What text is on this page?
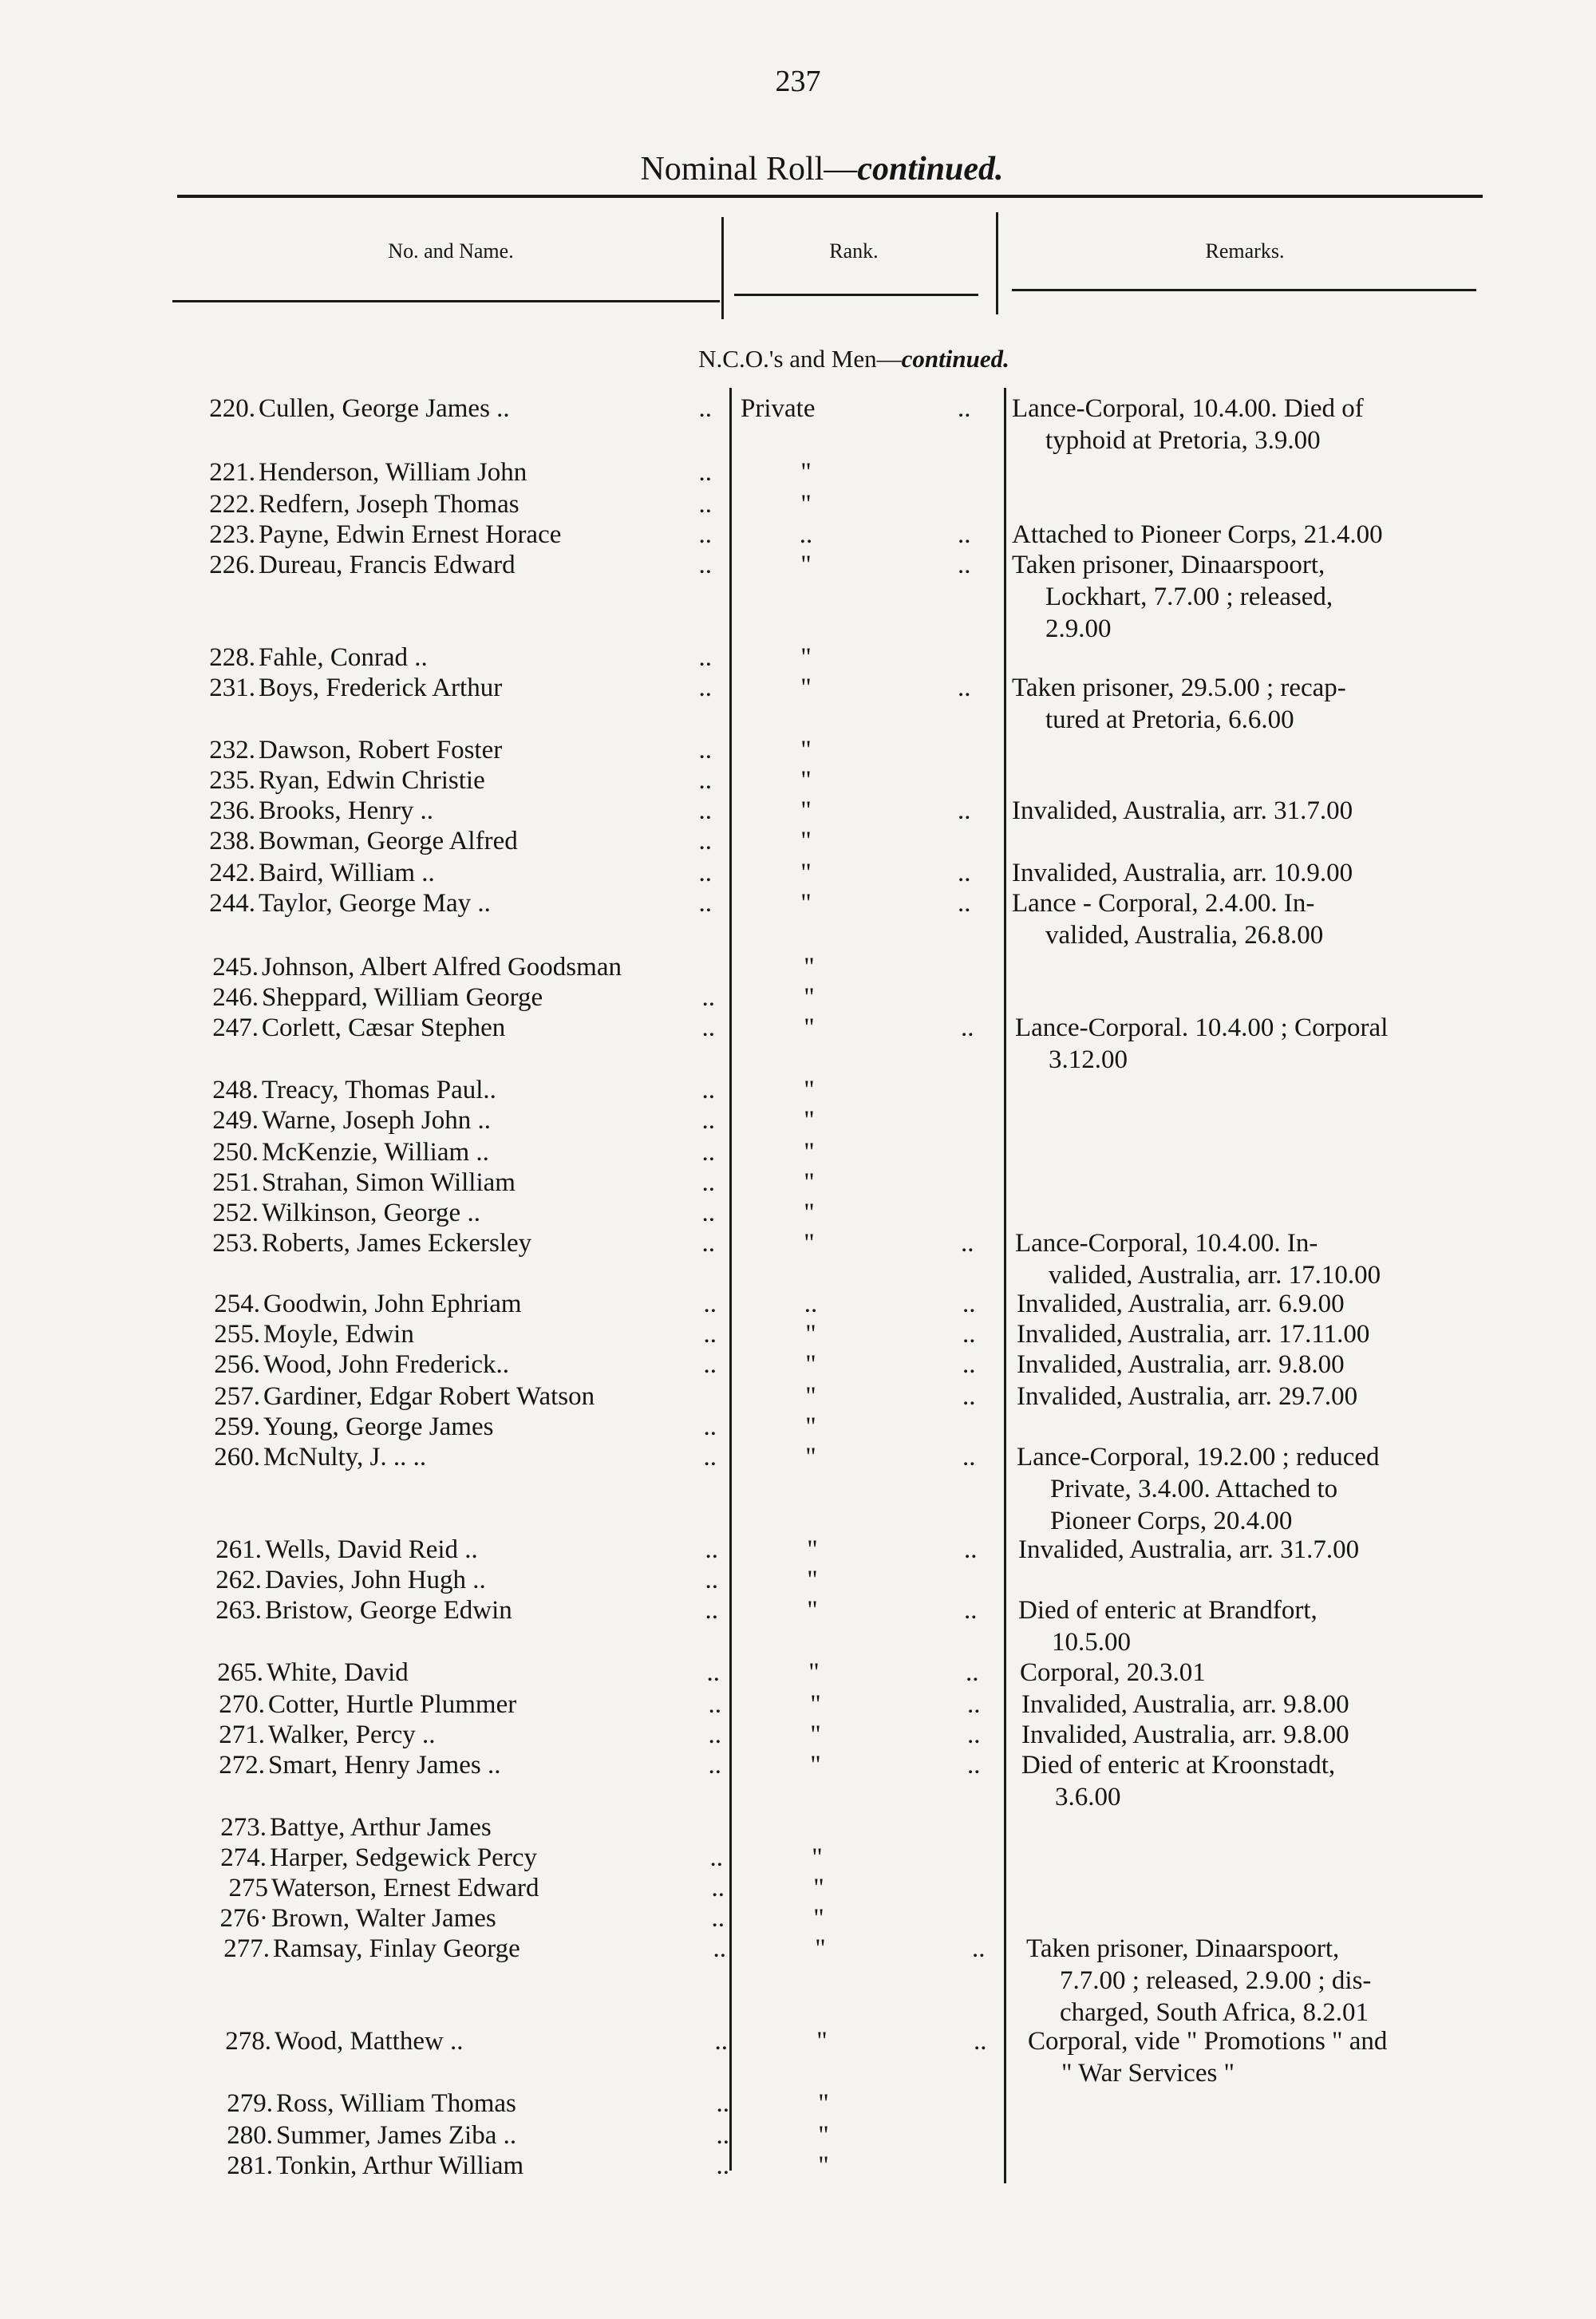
237
Nominal Roll—continued.
No. and Name.	Rank.	Remarks.
N.C.O.'s and Men—continued.
220. Cullen, George James ..	.. Private	.. Lance-Corporal, 10.4.00. Died of
typhoid at Pretoria, 3.9.00
221. Henderson, William John	..	"
222. Redfern, Joseph Thomas	..	"
223. Payne, Edwin Ernest Horace	..	..	.. Attached to Pioneer Corps, 21.4.00
226. Dureau, Francis Edward	..	"	.. Taken prisoner, Dinaarspoort,
Lockhart, 7.7.00 ; released,
2.9.00
228. Fahle, Conrad ..	..	"
231. Boys, Frederick Arthur	..	"	.. Taken prisoner, 29.5.00 ; recap-
tured at Pretoria, 6.6.00
232. Dawson, Robert Foster	..	"
235. Ryan, Edwin Christie	..	"
236. Brooks, Henry ..	..	"	.. Invalided, Australia, arr. 31.7.00
238. Bowman, George Alfred	..	"
242. Baird, William ..	..	"	.. Invalided, Australia, arr. 10.9.00
244. Taylor, George May ..	..	"	.. Lance - Corporal, 2.4.00. In-
valided, Australia, 26.8.00
245. Johnson, Albert Alfred Goodsman	"
246. Sheppard, William George	..	"
247. Corlett, Cæsar Stephen	..	"	.. Lance-Corporal. 10.4.00 ; Corporal
3.12.00
248. Treacy, Thomas Paul..	..	"
249. Warne, Joseph John ..	..	"
250. McKenzie, William ..	..	"
251. Strahan, Simon William	..	"
252. Wilkinson, George ..	..	"
253. Roberts, James Eckersley	..	"	.. Lance-Corporal, 10.4.00. In-
valided, Australia, arr. 17.10.00
254. Goodwin, John Ephriam	..	..	.. Invalided, Australia, arr. 6.9.00
255. Moyle, Edwin	..	"	.. Invalided, Australia, arr. 17.11.00
256. Wood, John Frederick..	..	"	.. Invalided, Australia, arr. 9.8.00
257. Gardiner, Edgar Robert Watson	"	.. Invalided, Australia, arr. 29.7.00
259. Young, George James	..	"
260. McNulty, J. .. ..	..	"	.. Lance-Corporal, 19.2.00 ; reduced
Private, 3.4.00. Attached to
Pioneer Corps, 20.4.00
261. Wells, David Reid ..	..	"	.. Invalided, Australia, arr. 31.7.00
262. Davies, John Hugh ..	..	"
263. Bristow, George Edwin	..	"	.. Died of enteric at Brandfort,
10.5.00
265. White, David	..	"	.. Corporal, 20.3.01
270. Cotter, Hurtle Plummer	..	"	.. Invalided, Australia, arr. 9.8.00
271. Walker, Percy ..	..	"	.. Invalided, Australia, arr. 9.8.00
272. Smart, Henry James ..	..	"	.. Died of enteric at Kroonstadt,
3.6.00
273. Battye, Arthur James
274. Harper, Sedgewick Percy	..	"
275 Waterson, Ernest Edward	..	"
276· Brown, Walter James	..	"
277. Ramsay, Finlay George	..	"	.. Taken prisoner, Dinaarspoort,
7.7.00 ; released, 2.9.00 ; dis-
charged, South Africa, 8.2.01
278. Wood, Matthew ..	..	"	.. Corporal, vide " Promotions " and
" War Services "
279. Ross, William Thomas	..	"
280. Summer, James Ziba ..	..	"
281. Tonkin, Arthur William	..	"
